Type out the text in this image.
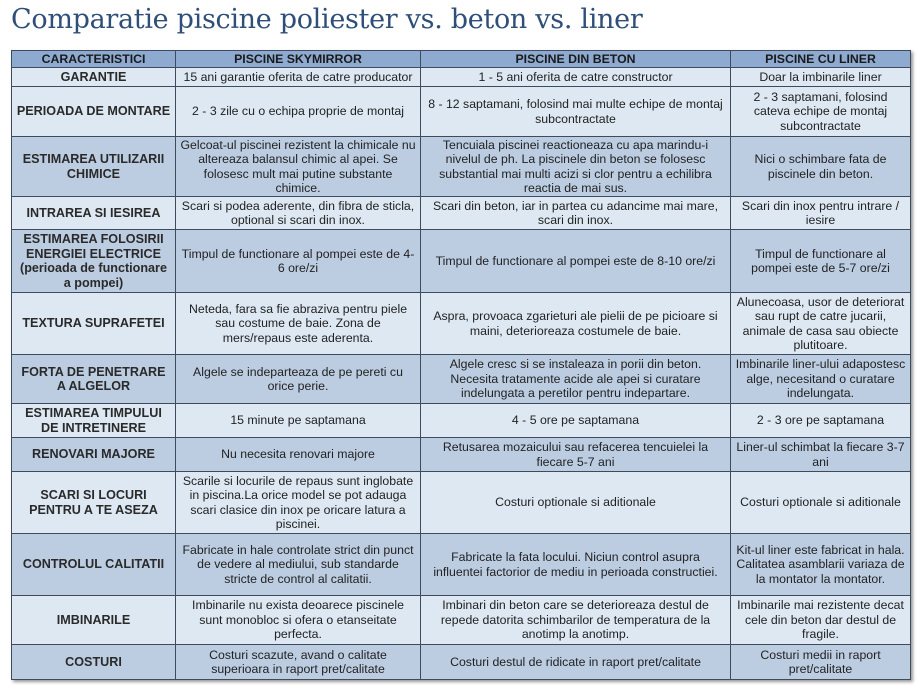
Comparatie piscine poliester vs. beton vs. liner
CARACTERISTICI	PISCINE SKYMIRROR	PISCINE DIN BETON	PISCINE CU LINER
GARANTIE	15 ani garantie oferita de catre producator	1 - 5 ani oferita de catre constructor	Doar la imbinarile liner
PERIOADA DE MONTARE	2 - 3 zile cu o echipa proprie de montaj	8 - 12 saptamani, folosind mai multe echipe de montaj subcontractate	2 - 3 saptamani, folosind cateva echipe de montaj subcontractate
ESTIMAREA UTILIZARII CHIMICE	Gelcoat-ul piscinei rezistent la chimicale nu altereaza balansul chimic al apei. Se folosesc mult mai putine substante chimice.	Tencuiala piscinei reactioneaza cu apa marindu-i nivelul de ph. La piscinele din beton se folosesc substantial mai multi acizi si clor pentru a echilibra reactia de mai sus.	Nici o schimbare fata de piscinele din beton.
INTRAREA SI IESIREA	Scari si podea aderente, din fibra de sticla, optional si scari din inox.	Scari din beton, iar in partea cu adancime mai mare, scari din inox.	Scari din inox pentru intrare / iesire
ESTIMAREA FOLOSIRII ENERGIEI ELECTRICE (perioada de functionare a pompei)	Timpul de functionare al pompei este de 4-6 ore/zi	Timpul de functionare al pompei este de 8-10 ore/zi	Timpul de functionare al pompei este de 5-7 ore/zi
TEXTURA SUPRAFETEI	Neteda, fara sa fie abraziva pentru piele sau costume de baie. Zona de mers/repaus este aderenta.	Aspra, provoaca zgarieturi ale pielii de pe picioare si maini, deterioreaza costumele de baie.	Alunecoasa, usor de deteriorat sau rupt de catre jucarii, animale de casa sau obiecte plutitoare.
FORTA DE PENETRARE A ALGELOR	Algele se indeparteaza de pe pereti cu orice perie.	Algele cresc si se instaleaza in porii din beton. Necesita tratamente acide ale apei si curatare indelungata a peretilor pentru indepartare.	Imbinarile liner-ului adapostesc alge, necesitand o curatare indelungata.
ESTIMAREA TIMPULUI DE INTRETINERE	15 minute pe saptamana	4 - 5 ore pe saptamana	2 - 3 ore pe saptamana
RENOVARI MAJORE	Nu necesita renovari majore	Retusarea mozaicului sau refacerea tencuielei la fiecare 5-7 ani	Liner-ul schimbat la fiecare 3-7 ani
SCARI SI LOCURI PENTRU A TE ASEZA	Scarile si locurile de repaus sunt inglobate in piscina.La orice model se pot adauga scari clasice din inox pe oricare latura a piscinei.	Costuri optionale si aditionale	Costuri optionale si aditionale
CONTROLUL CALITATII	Fabricate in hale controlate strict din punct de vedere al mediului, sub standarde stricte de control al calitatii.	Fabricate la fata locului. Niciun control asupra influentei factorior de mediu in perioada constructiei.	Kit-ul liner este fabricat in hala. Calitatea asamblarii variaza de la montator la montator.
IMBINARILE	Imbinarile nu exista deoarece piscinele sunt monobloc si ofera o etanseitate perfecta.	Imbinari din beton care se deterioreaza destul de repede datorita schimbarilor de temperatura de la anotimp la anotimp.	Imbinarile mai rezistente decat cele din beton dar destul de fragile.
COSTURI	Costuri scazute, avand o calitate superioara in raport pret/calitate	Costuri destul de ridicate in raport pret/calitate	Costuri medii in raport pret/calitate
